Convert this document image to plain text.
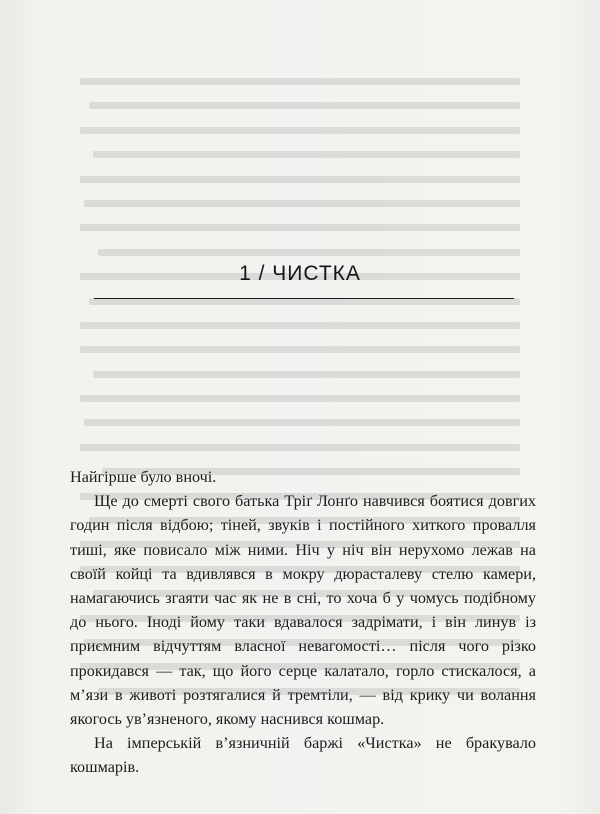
1 / ЧИСТКА

Найгірше було вночі.

Ще до смерті свого батька Тріґ Лонґо навчився боятися довгих годин після відбою; тіней, звуків і постійного хиткого провалля тиші, яке повисало між ними. Ніч у ніч він нерухомо лежав на своїй койці та вдивлявся в мокру дюрасталеву стелю камери, намагаючись згаяти час як не в сні, то хоча б у чомусь подібному до нього. Іноді йому таки вдавалося задрімати, і він линув із приємним відчуттям власної невагомості… після чого різко прокидався — так, що його серце калатало, горло стискалося, а м’язи в животі розтягалися й тремтіли, — від крику чи волання якогось ув’язненого, якому наснився кошмар.

На імперській в’язничній баржі «Чистка» не бракувало кошмарів.
